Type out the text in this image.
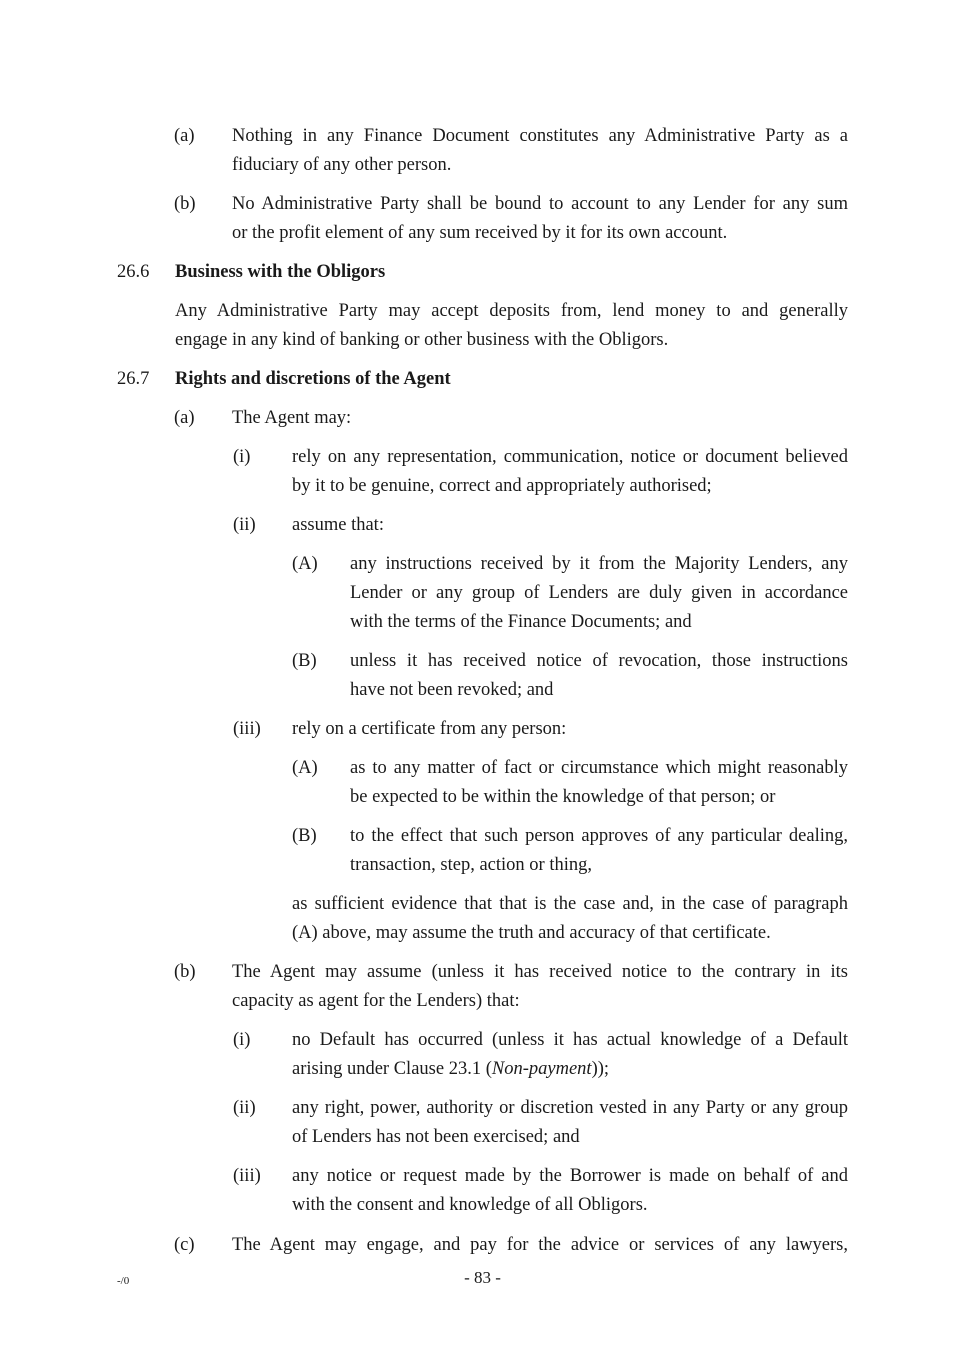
(a) Nothing in any Finance Document constitutes any Administrative Party as a
fiduciary of any other person.
(b) No Administrative Party shall be bound to account to any Lender for any sum
or the profit element of any sum received by it for its own account.
26.6 Business with the Obligors
Any Administrative Party may accept deposits from, lend money to and generally
engage in any kind of banking or other business with the Obligors.
26.7 Rights and discretions of the Agent
(a) The Agent may:
(i) rely on any representation, communication, notice or document believed
by it to be genuine, correct and appropriately authorised;
(ii) assume that:
(A) any instructions received by it from the Majority Lenders, any
Lender or any group of Lenders are duly given in accordance
with the terms of the Finance Documents; and
(B) unless it has received notice of revocation, those instructions
have not been revoked; and
(iii) rely on a certificate from any person:
(A) as to any matter of fact or circumstance which might reasonably
be expected to be within the knowledge of that person; or
(B) to the effect that such person approves of any particular dealing,
transaction, step, action or thing,
as sufficient evidence that that is the case and, in the case of paragraph
(A) above, may assume the truth and accuracy of that certificate.
(b) The Agent may assume (unless it has received notice to the contrary in its
capacity as agent for the Lenders) that:
(i) no Default has occurred (unless it has actual knowledge of a Default
arising under Clause 23.1 (Non-payment));
(ii) any right, power, authority or discretion vested in any Party or any group
of Lenders has not been exercised; and
(iii) any notice or request made by the Borrower is made on behalf of and
with the consent and knowledge of all Obligors.
(c) The Agent may engage, and pay for the advice or services of any lawyers,
-/0	- 83 -
